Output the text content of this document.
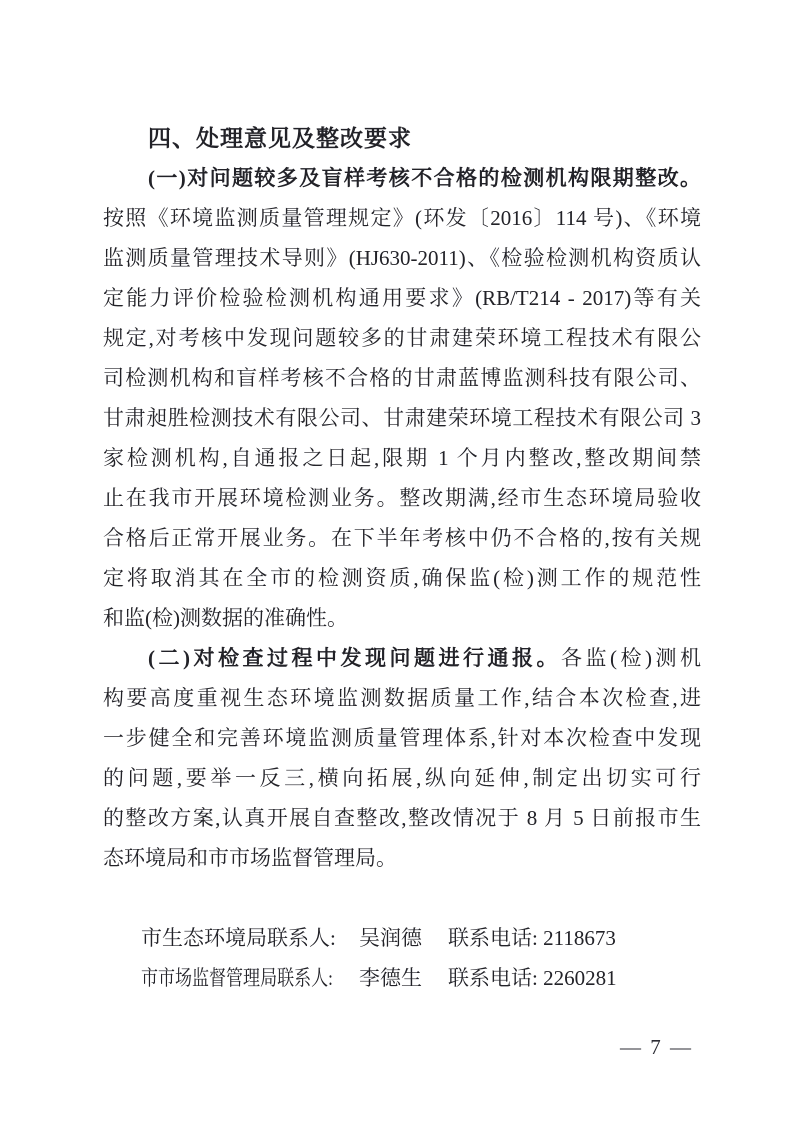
四、处理意见及整改要求
(一)对问题较多及盲样考核不合格的检测机构限期整改。
按照《环境监测质量管理规定》(环发〔2016〕114 号)、《环境
监测质量管理技术导则》(HJ630-2011)、《检验检测机构资质认
定能力评价检验检测机构通用要求》(RB/T214 - 2017)等有关
规定,对考核中发现问题较多的甘肃建荣环境工程技术有限公
司检测机构和盲样考核不合格的甘肃蓝博监测科技有限公司、
甘肃昶胜检测技术有限公司、甘肃建荣环境工程技术有限公司 3
家检测机构,自通报之日起,限期 1 个月内整改,整改期间禁
止在我市开展环境检测业务。整改期满,经市生态环境局验收
合格后正常开展业务。在下半年考核中仍不合格的,按有关规
定将取消其在全市的检测资质,确保监(检)测工作的规范性
和监(检)测数据的准确性。
(二)对检查过程中发现问题进行通报。各监(检)测机
构要高度重视生态环境监测数据质量工作,结合本次检查,进
一步健全和完善环境监测质量管理体系,针对本次检查中发现
的问题,要举一反三,横向拓展,纵向延伸,制定出切实可行
的整改方案,认真开展自查整改,整改情况于 8 月 5 日前报市生
态环境局和市市场监督管理局。
市生态环境局联系人: 吴润德 联系电话: 2118673
市市场监督管理局联系人: 李德生 联系电话: 2260281
— 7 —
